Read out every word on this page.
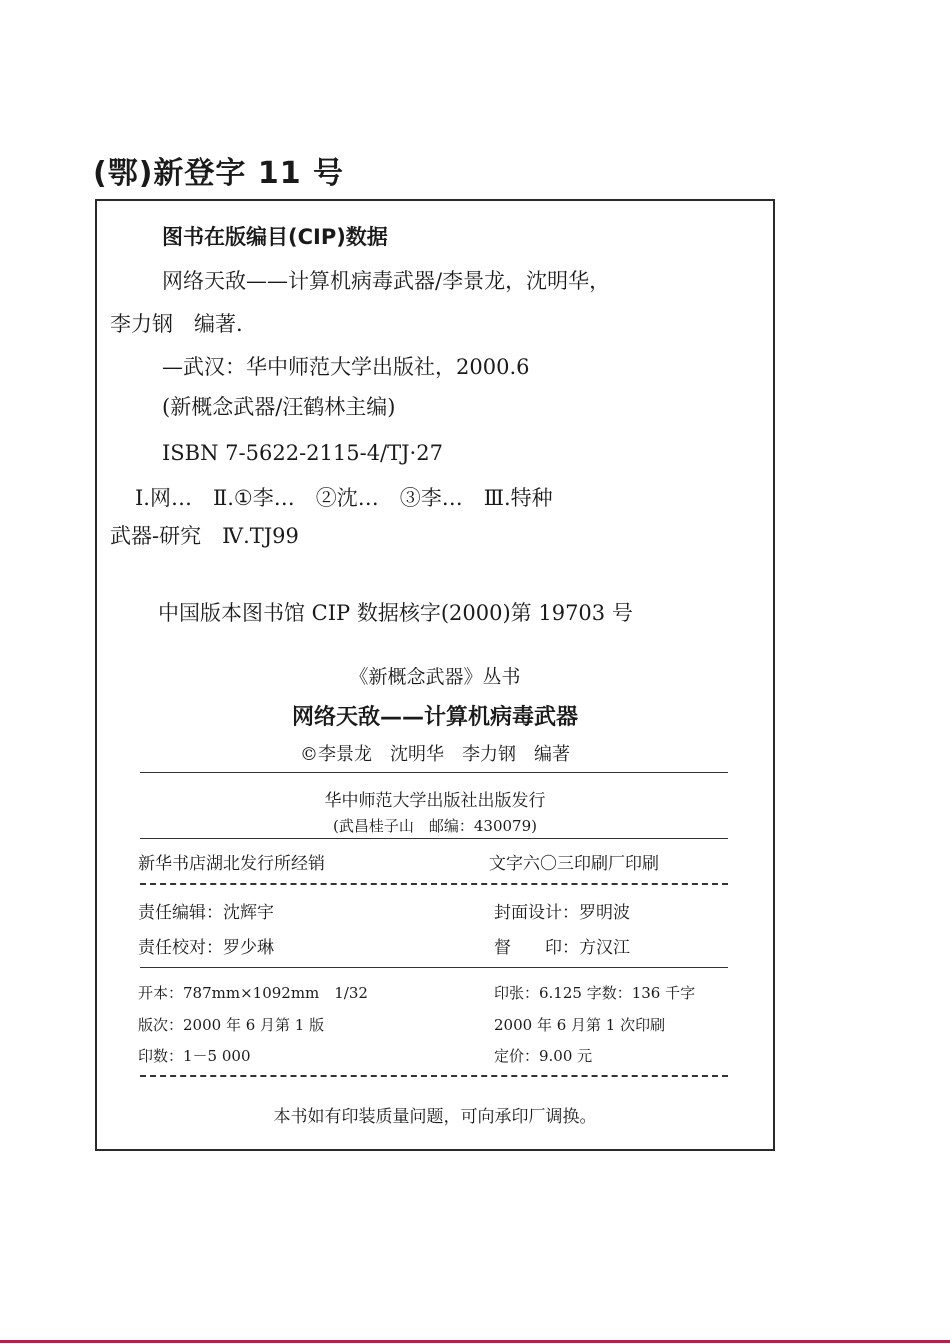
(鄂)新登字 11 号
图书在版编目(CIP)数据
网络天敌——计算机病毒武器/李景龙，沈明华，
李力钢　编著.
—武汉：华中师范大学出版社，2000.6
(新概念武器/汪鹤林主编)
ISBN 7-5622-2115-4/TJ·27
Ⅰ.网…　Ⅱ.①李…　②沈…　③李…　Ⅲ.特种
武器-研究　Ⅳ.TJ99
中国版本图书馆 CIP 数据核字(2000)第 19703 号
《新概念武器》丛书
网络天敌——计算机病毒武器
©李景龙　沈明华　李力钢　编著
华中师范大学出版社出版发行
(武昌桂子山　邮编：430079)
新华书店湖北发行所经销	文字六〇三印刷厂印刷
责任编辑：沈辉宇	封面设计：罗明波
责任校对：罗少琳	督　　印：方汉江
开本：787mm×1092mm　1/32	印张：6.125 字数：136 千字
版次：2000 年 6 月第 1 版	2000 年 6 月第 1 次印刷
印数：1－5 000	定价：9.00 元
本书如有印装质量问题，可向承印厂调换。
